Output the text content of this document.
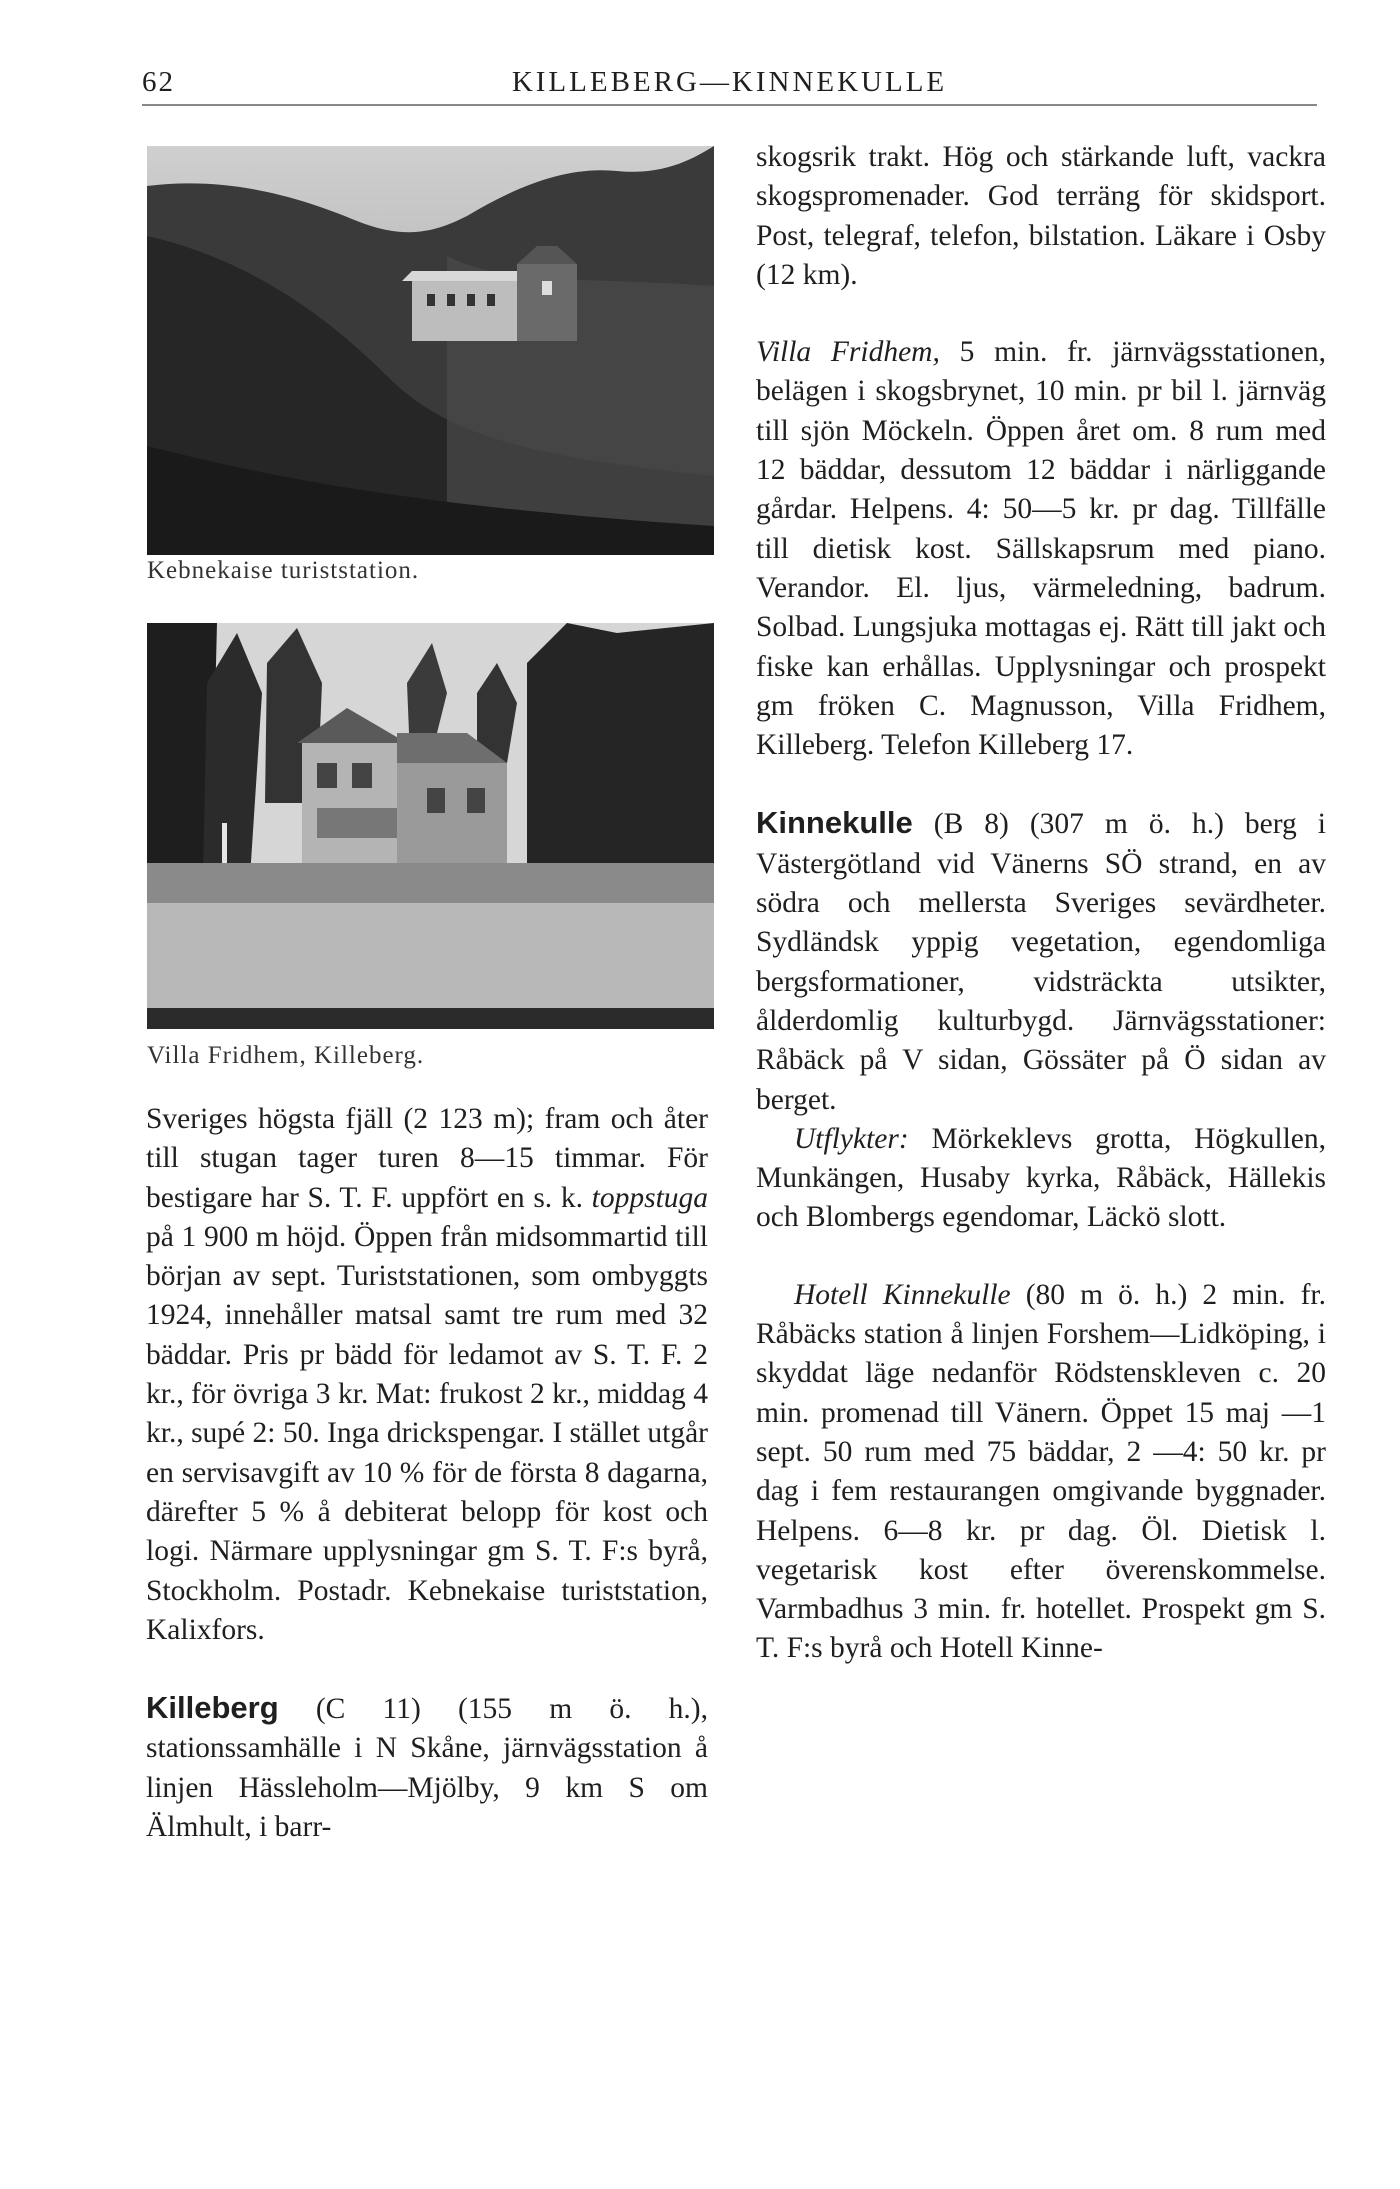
62	KILLEBERG—KINNEKULLE
Kebnekaise turiststation.
Villa Fridhem, Killeberg.

Sveriges högsta fjäll (2 123 m); fram och åter till stugan tager turen 8—15 timmar. För bestigare har S. T. F. uppfört en s. k. toppstuga på 1 900 m höjd. Öppen från midsommartid till början av sept. Turiststationen, som ombyggts 1924, innehåller matsal samt tre rum med 32 bäddar. Pris pr bädd för ledamot av S. T. F. 2 kr., för övriga 3 kr. Mat: frukost 2 kr., middag 4 kr., supé 2: 50. Inga drickspengar. I stället utgår en servisavgift av 10 % för de första 8 dagarna, därefter 5 % å debiterat belopp för kost och logi. Närmare upplysningar gm S. T. F:s byrå, Stockholm. Postadr. Kebnekaise turiststation, Kalixfors.

Killeberg (C 11) (155 m ö. h.), stationssamhälle i N Skåne, järnvägsstation å linjen Hässleholm—Mjölby, 9 km S om Älmhult, i barr-

skogsrik trakt. Hög och stärkande luft, vackra skogspromenader. God terräng för skidsport. Post, telegraf, telefon, bilstation. Läkare i Osby (12 km).

Villa Fridhem, 5 min. fr. järnvägsstationen, belägen i skogsbrynet, 10 min. pr bil l. järnväg till sjön Möckeln. Öppen året om. 8 rum med 12 bäddar, dessutom 12 bäddar i närliggande gårdar. Helpens. 4: 50—5 kr. pr dag. Tillfälle till dietisk kost. Sällskapsrum med piano. Verandor. El. ljus, värmeledning, badrum. Solbad. Lungsjuka mottagas ej. Rätt till jakt och fiske kan erhållas. Upplysningar och prospekt gm fröken C. Magnusson, Villa Fridhem, Killeberg. Telefon Killeberg 17.

Kinnekulle (B 8) (307 m ö. h.) berg i Västergötland vid Vänerns SÖ strand, en av södra och mellersta Sveriges sevärdheter. Sydländsk yppig vegetation, egendomliga bergsformationer, vidsträckta utsikter, ålderdomlig kulturbygd. Järnvägsstationer: Råbäck på V sidan, Gössäter på Ö sidan av berget.

Utflykter: Mörkeklevs grotta, Högkullen, Munkängen, Husaby kyrka, Råbäck, Hällekis och Blombergs egendomar, Läckö slott.

Hotell Kinnekulle (80 m ö. h.) 2 min. fr. Råbäcks station å linjen Forshem—Lidköping, i skyddat läge nedanför Rödstenskleven c. 20 min. promenad till Vänern. Öppet 15 maj —1 sept. 50 rum med 75 bäddar, 2 —4: 50 kr. pr dag i fem restaurangen omgivande byggnader. Helpens. 6—8 kr. pr dag. Öl. Dietisk l. vegetarisk kost efter överenskommelse. Varmbadhus 3 min. fr. hotellet. Prospekt gm S. T. F:s byrå och Hotell Kinne-
